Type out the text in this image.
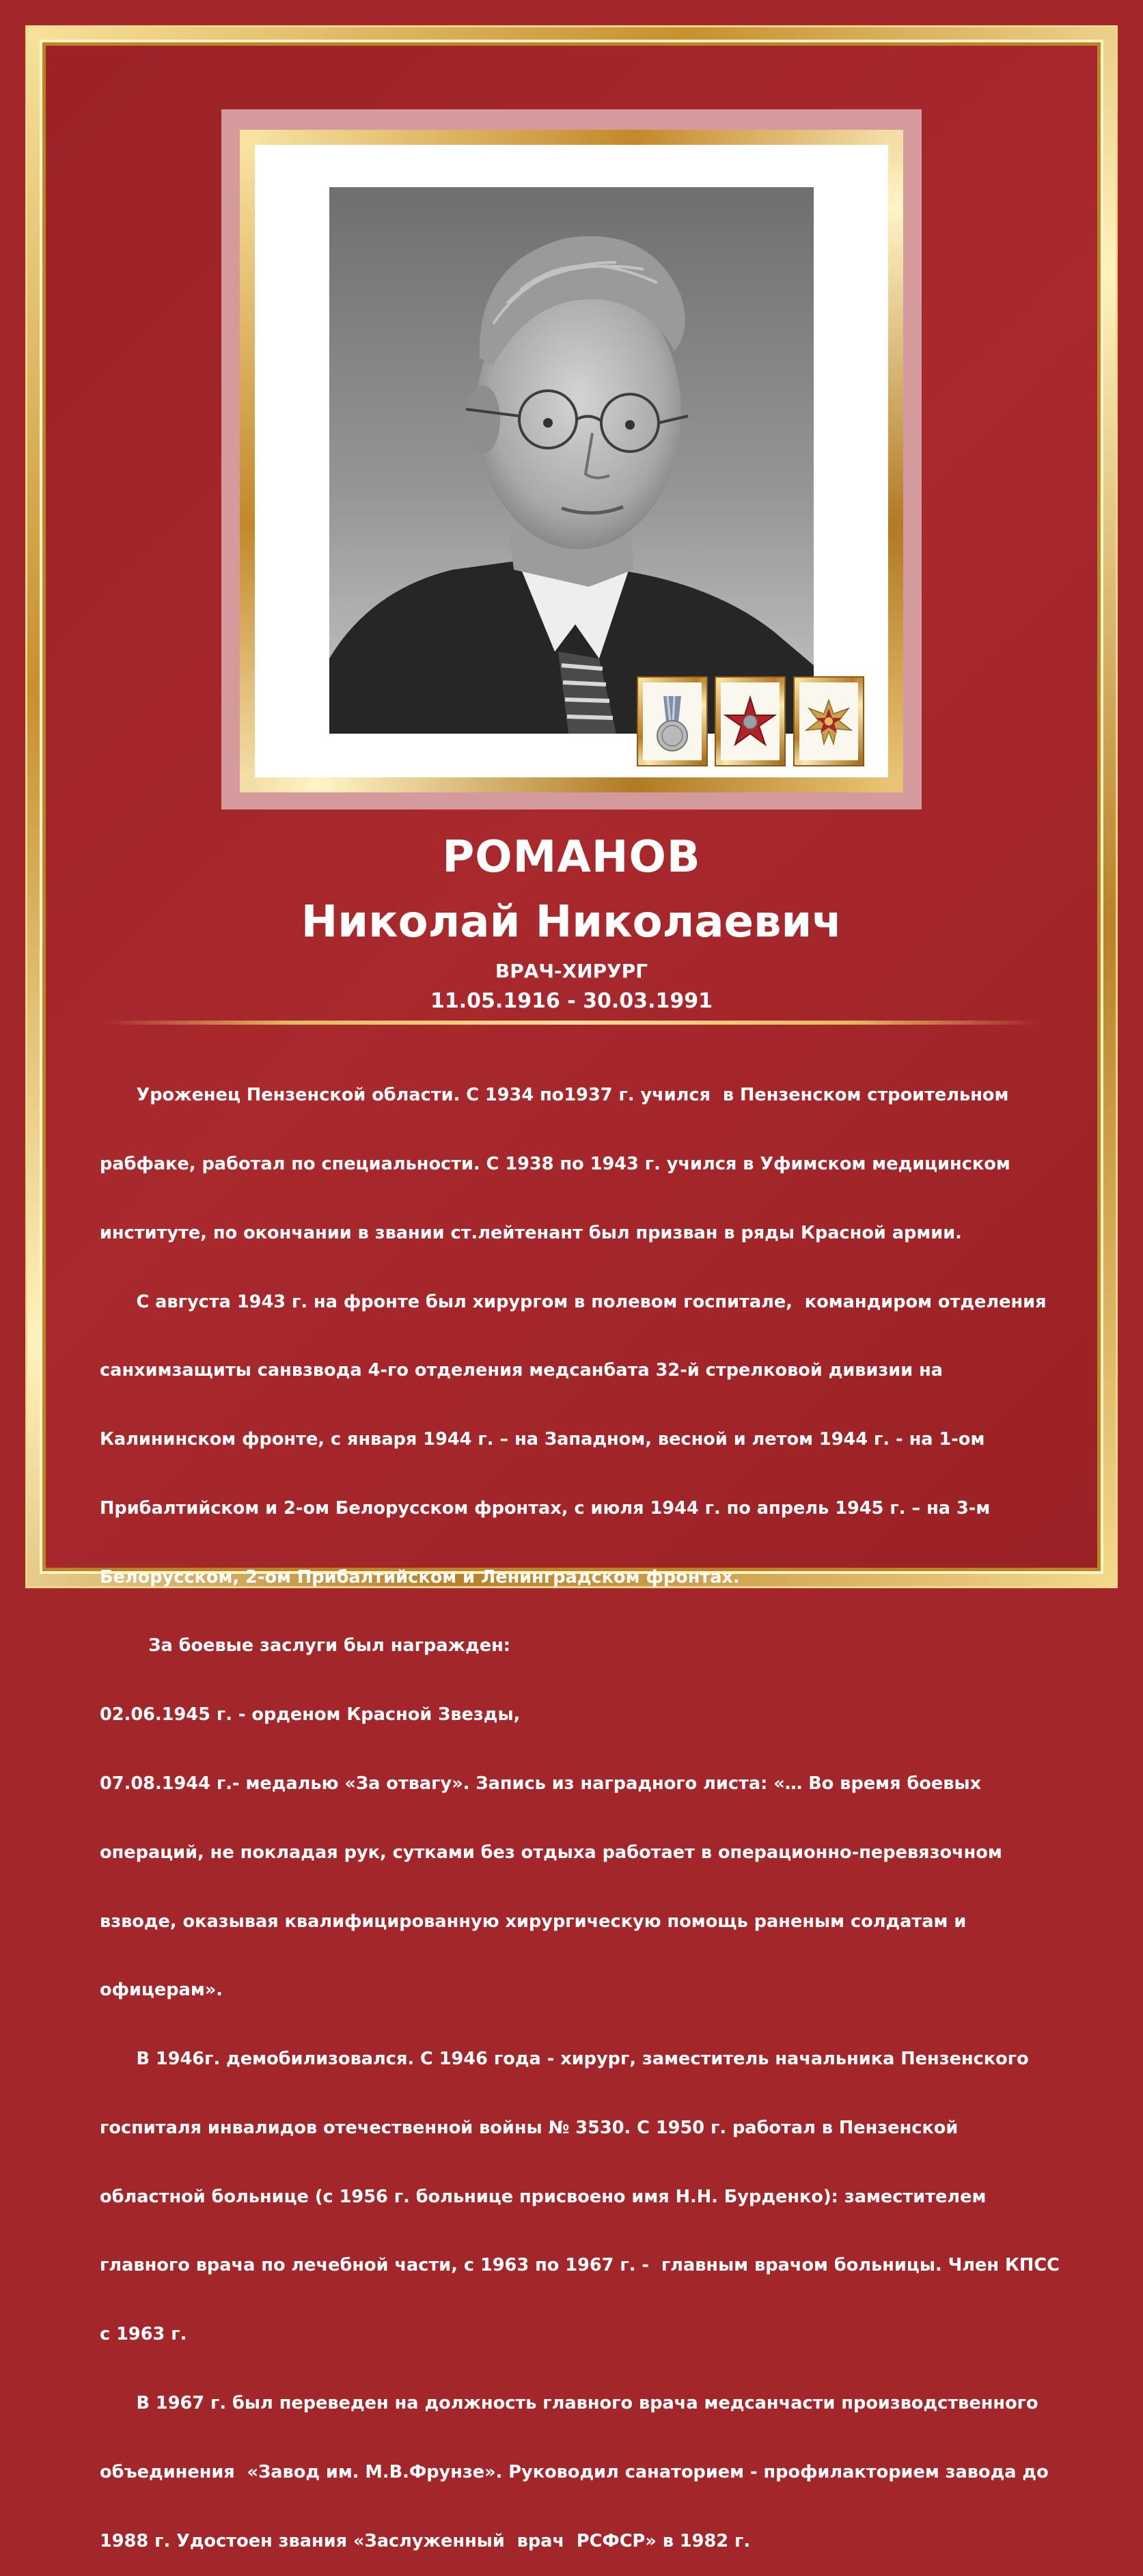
РОМАНОВ
Николай Николаевич
ВРАЧ-ХИРУРГ
11.05.1916 - 30.03.1991

Уроженец Пензенской области. С 1934 по1937 г. учился  в Пензенском строительном

рабфаке, работал по специальности. С 1938 по 1943 г. учился в Уфимском медицинском

институте, по окончании в звании ст.лейтенант был призван в ряды Красной армии.

С августа 1943 г. на фронте был хирургом в полевом госпитале,  командиром отделения

санхимзащиты санвзвода 4-го отделения медсанбата 32-й стрелковой дивизии на

Калининском фронте, с января 1944 г. – на Западном, весной и летом 1944 г. - на 1-ом

Прибалтийском и 2-ом Белорусском фронтах, с июля 1944 г. по апрель 1945 г. – на 3-м

Белорусском, 2-ом Прибалтийском и Ленинградском фронтах.

За боевые заслуги был награжден:

02.06.1945 г. - орденом Красной Звезды,

07.08.1944 г.- медалью «За отвагу». Запись из наградного листа: «… Во время боевых

операций, не покладая рук, сутками без отдыха работает в операционно-перевязочном

взводе, оказывая квалифицированную хирургическую помощь раненым солдатам и

офицерам».

В 1946г. демобилизовался. С 1946 года - хирург, заместитель начальника Пензенского

госпиталя инвалидов отечественной войны № 3530. С 1950 г. работал в Пензенской

областной больнице (с 1956 г. больнице присвоено имя Н.Н. Бурденко): заместителем

главного врача по лечебной части, с 1963 по 1967 г. -  главным врачом больницы. Член КПСС

с 1963 г.

В 1967 г. был переведен на должность главного врача медсанчасти производственного

объединения  «Завод им. М.В.Фрунзе». Руководил санаторием - профилакторием завода до

1988 г. Удостоен звания «Заслуженный  врач  РСФСР» в 1982 г.
